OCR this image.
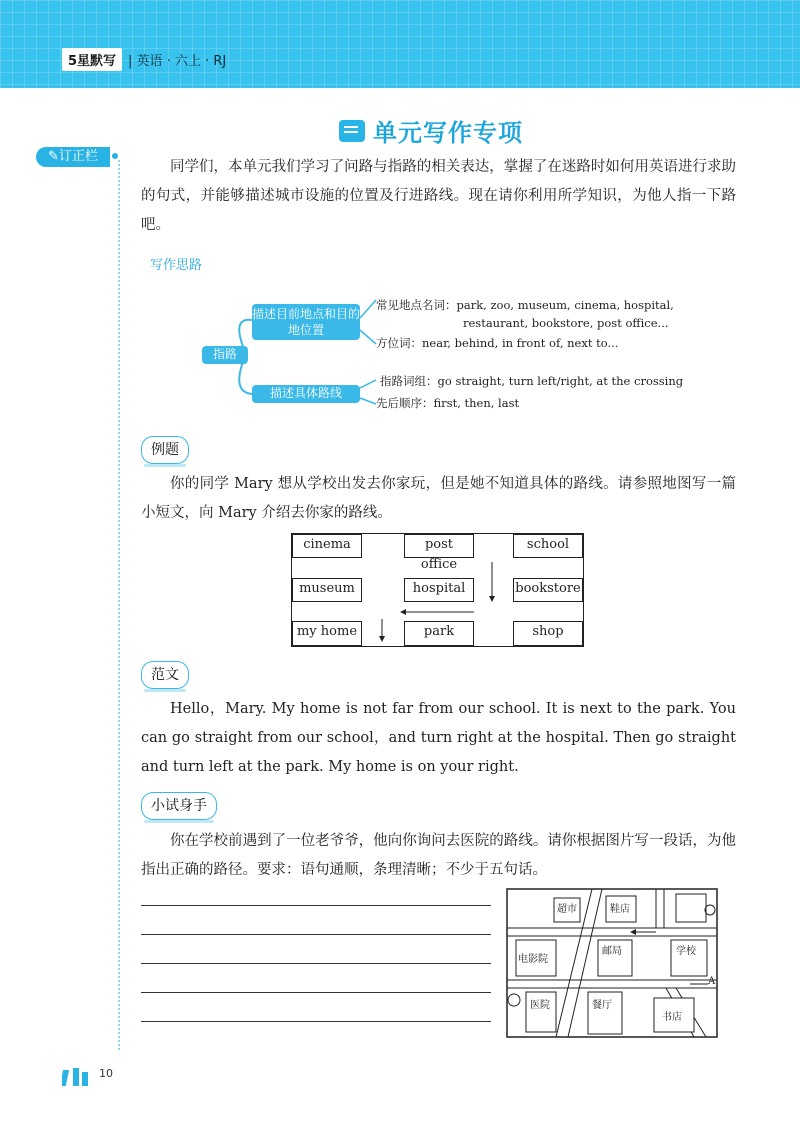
5星默写 | 英语 · 六上 · RJ
单元写作专项
✎订正栏
同学们，本单元我们学习了问路与指路的相关表达，掌握了在迷路时如何用英语进行求助的句式，并能够描述城市设施的位置及行进路线。现在请你利用所学知识，为他人指一下路吧。
写作思路
指路
描述目前地点和目的地位置
描述具体路线
常见地点名词：park, zoo, museum, cinema, hospital,
restaurant, bookstore, post office...
方位词：near, behind, in front of, next to...
指路词组：go straight, turn left/right, at the crossing
先后顺序：first, then, last
例题
你的同学 Mary 想从学校出发去你家玩，但是她不知道具体的路线。请参照地图写一篇小短文，向 Mary 介绍去你家的路线。
cinema	post office
school
museum	hospital	bookstore
my home	park	shop
范文
Hello，Mary. My home is not far from our school. It is next to the park. You can go straight from our school，and turn right at the hospital. Then go straight and turn left at the park. My home is on your right.
小试身手
你在学校前遇到了一位老爷爷，他向你询问去医院的路线。请你根据图片写一段话，为他指出正确的路径。要求：语句通顺，条理清晰；不少于五句话。
超市	鞋店
邮局	学校
电影院
医院	餐厅
书店
A
10
